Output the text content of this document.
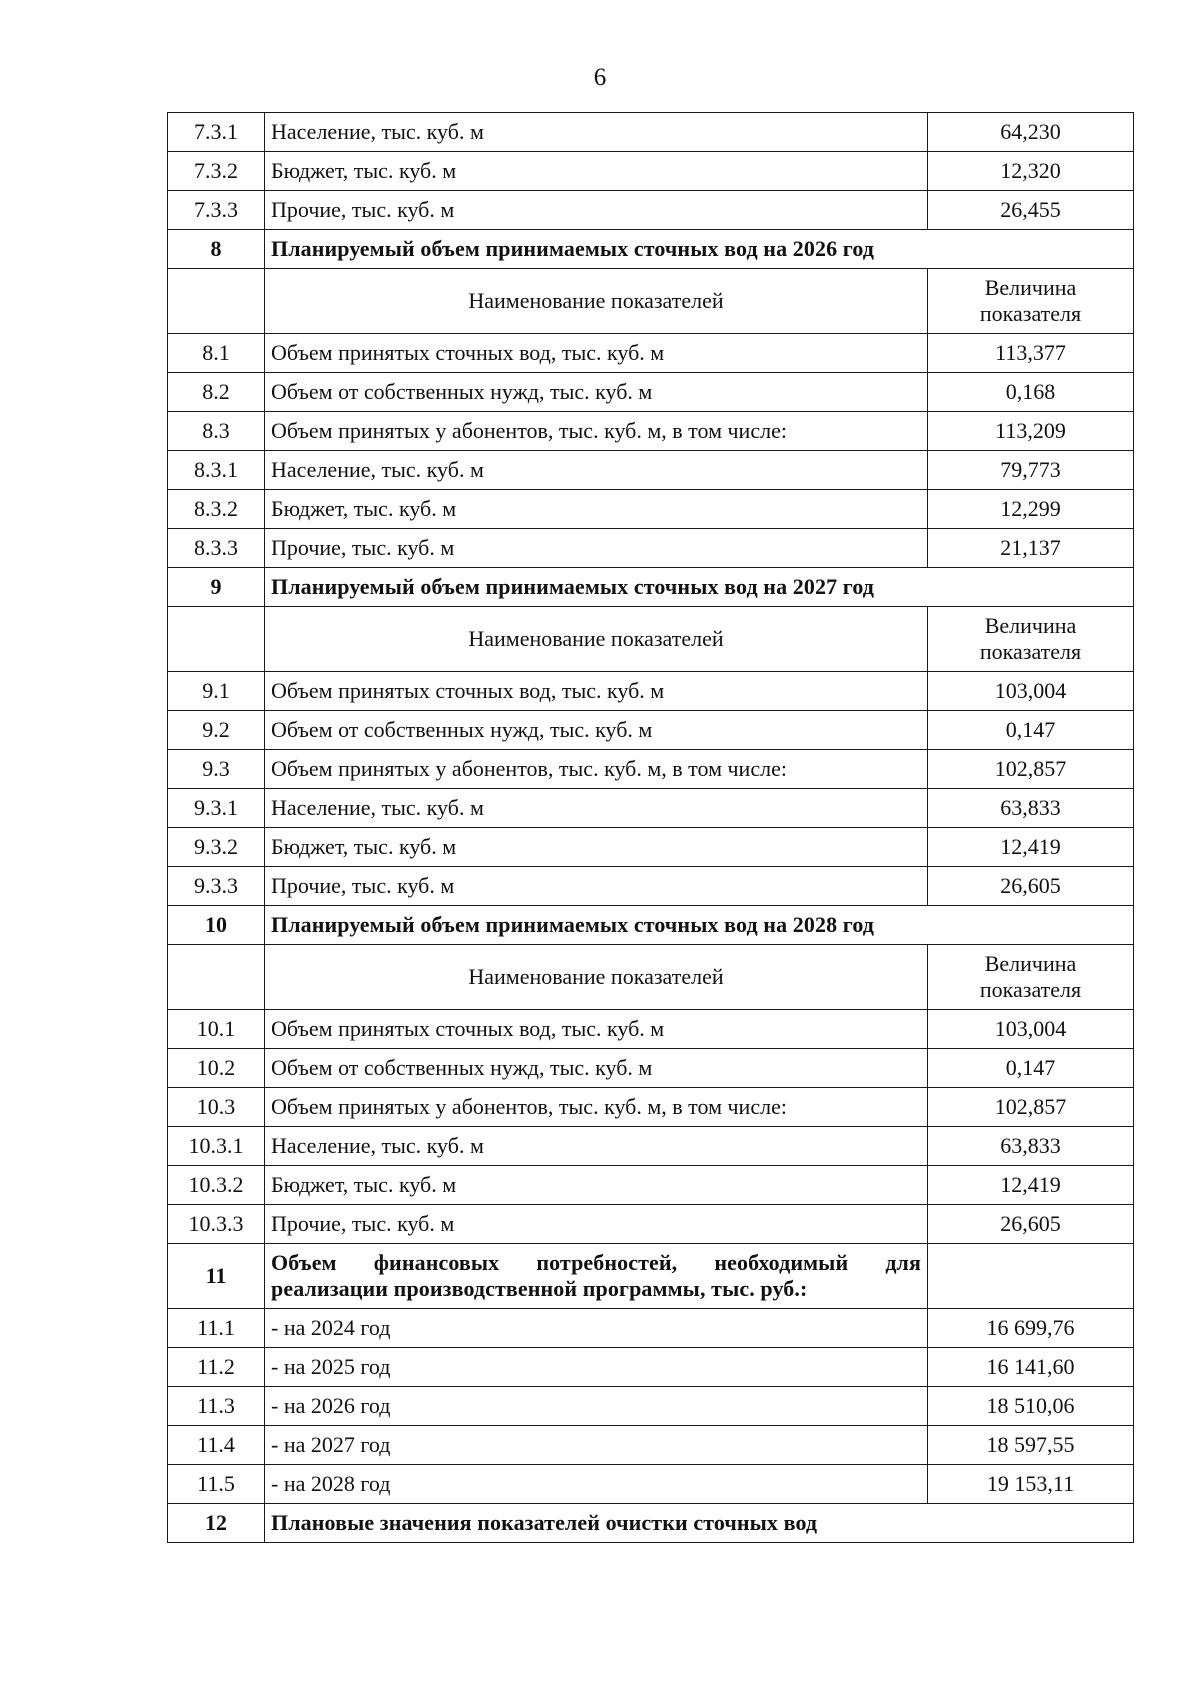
6
7.3.1	Население, тыс. куб. м	64,230
7.3.2	Бюджет, тыс. куб. м	12,320
7.3.3	Прочие, тыс. куб. м	26,455
8	Планируемый объем принимаемых сточных вод на 2026 год	
	Наименование показателей	Величина
показателя
8.1	Объем принятых сточных вод, тыс. куб. м	113,377
8.2	Объем от собственных нужд, тыс. куб. м	0,168
8.3	Объем принятых у абонентов, тыс. куб. м, в том числе:	113,209
8.3.1	Население, тыс. куб. м	79,773
8.3.2	Бюджет, тыс. куб. м	12,299
8.3.3	Прочие, тыс. куб. м	21,137
9	Планируемый объем принимаемых сточных вод на 2027 год	
	Наименование показателей	Величина
показателя
9.1	Объем принятых сточных вод, тыс. куб. м	103,004
9.2	Объем от собственных нужд, тыс. куб. м	0,147
9.3	Объем принятых у абонентов, тыс. куб. м, в том числе:	102,857
9.3.1	Население, тыс. куб. м	63,833
9.3.2	Бюджет, тыс. куб. м	12,419
9.3.3	Прочие, тыс. куб. м	26,605
10	Планируемый объем принимаемых сточных вод на 2028 год	
	Наименование показателей	Величина
показателя
10.1	Объем принятых сточных вод, тыс. куб. м	103,004
10.2	Объем от собственных нужд, тыс. куб. м	0,147
10.3	Объем принятых у абонентов, тыс. куб. м, в том числе:	102,857
10.3.1	Население, тыс. куб. м	63,833
10.3.2	Бюджет, тыс. куб. м	12,419
10.3.3	Прочие, тыс. куб. м	26,605
11	Объем финансовых потребностей, необходимый для

реализации производственной программы, тыс. руб.:	

11.1	- на 2024 год	16 699,76
11.2	- на 2025 год	16 141,60
11.3	- на 2026 год	18 510,06
11.4	- на 2027 год	18 597,55
11.5	- на 2028 год	19 153,11
12	Плановые значения показателей очистки сточных вод	
